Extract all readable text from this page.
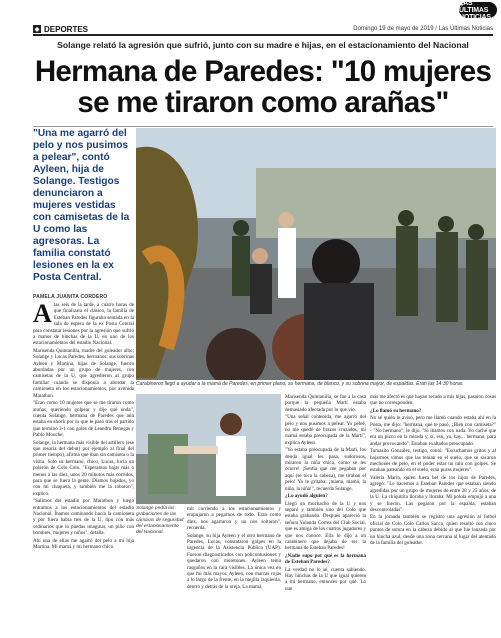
LAS ÚLTIMAS NOTICIAS
◆ DEPORTES	Domingo 19 de mayo de 2019 / Las Últimas Noticias
Solange relató la agresión que sufrió, junto con su madre e hijas, en el estacionamiento del Nacional
Hermana de Paredes: "10 mujeres se me tiraron como arañas"
"Una me agarró del pelo y nos pusimos a pelear", contó Ayleen, hija de Solange. Testigos denunciaron a mujeres vestidas con camisetas de la U como las agresoras. La familia constató lesiones en la ex Posta Central.
PAMELA JUANITA CORDERO
Carabineros llegó a ayudar a la mamá de Paredes, en primer plano, su hermana, de blanco, y su sobrina mayor, de espaldas. Eran las 14.30 horas.
A las seis de la tarde, a cuatro horas de que finalizara el clásico, la familia de Esteban Paredes figuraba sentada en la sala de espera de la ex Posta Central para constatar lesiones por la agresión que sufrió a manos de hinchas de la U, en uno de los estacionamientos del estadio Nacional.

Marisenda Quintanilla, madre del goleador albo; Solange y Lucas Paredes, hermanos; sus sobrinas Ayleen y Martina, hijas de Solange, fueron abordadas por un grupo de mujeres, con camisetas de la U, que agredieron al grupo familiar cuando se disponía a abordar la camioneta en los estacionamientos, por avenida Marathon.

"Eran como 10 mujeres que se me tiraron como arañas, queriendo golpear y dije qué onda", cuenta Solange, hermana de Paredes que aún estaba en shock por lo que le pasó tras el partido que terminó 3-1 con goles de Leandro Benegas y Pablo Mouche.

Solange, la hermana más visible del artillero (ese que resoria del debut) por ejemplo al final del primer tiempo), afirma que iban sin camiseta o la visita. Solo su hermano, chico, Lucas, lucía un polerón de Colo Colo. "Esperamos bajar más o menos a las diez, unos 20 minutos más corridos, para que se fuera la gente. Diamos bajados, yo con mi chaqueta, y también me la robaron", explicó.

"Salimos del estadio por Marathon y luego entramos a los estacionamientos del estadio Nacional. Íbamos caminando hacia la camioneta y por fuera había tres de la U, tipo con más ordinarios que lo puedas imaginar, un piño con hombres, mujeres y niños", detalla.

Ahí una de ellas me agarró del pelo a mi hija Martina. Mi mamá y mi hermano chico.

Solange pedía las grabaciones de las cámaras de seguridad del estacionamiento del Nacional.

mir corriendo a los estacionamientos y empujaron a pegarnos de todo. Eran como diez, nos agarraron y no nos soltaron", recuerda.

Solange, su hija Ayleen y el otro hermano de Paredes, Lucas, constataron golpes en la urgencia de la Asistencia Pública (UAP). Fueron diagnosticados con policontusiones y quedaron con moretones. Ayleen tenía rasguños en la cara visibles. La única vez en que fui más mayor. Ayleen, con marcas rojas a lo largo de la frente, en la mejilla izquierda, dentro y detrás de la oreja. La mamá,

Marisenda Quintanilla, se fue a la casa porque la pequeña Martí estaba demasiado afectada por lo que vio.

"Una señal contenida, me agarró del pelo y nos pusimos a pelear. Yo peleé, no me quedé de brazos cruzados, mi mamá estaba preocupada de la Martí", explica Ayleen.

"Yo estaba preocupada de la Martí, los deuda igual les pasa, sudorosos, miraron la niña chica, cómo se les ocurre! ¡Sentía que me pegaban por aquí (se toca la cabeza), me tiraban el pelo! Yo le gritaba: ¡mamá, mamá, la niña, la niña!", recuerda Solange.

¿Lo ayudó alguien?

Llegó un muchacho de la U y nos separó y también uno del Colo que estaba grabando. Después apareció la señora Yolanda Correa del Club Social, que es amiga de los cuatros jugadores y que nos conoce. Ella le dijo a un carabinero que dejaba de ser la hermana de Esteban Paredes!

¿Nadie supo por qué es la hermana de Esteban Paredes?

La verdad no lo sé, cuenta sabiendo. Hay hinchas de la U que igual quieren a mi hermano, entonces por qué. Lo que

más me afectó es que hayan tocado a mis hijas, pasaron cosas que no corresponden.

¿Lo llamó su hermano?

No sé quién le avisó, pero me llamó cuando estaba ahí en la Posta, me dijo: "hermana, qué te pasó, ¿Bien con camiseta?" - "No hermano", le dijo. "Si íbamos con nada. Yo caché que era un pizco en la mirada y, sí, eso, ya, hay... hermano, para andar provocando". Estaban exaltados preocupado.

Tomasito González, testigo, contó: "Escuchamos gritos y al bajarmos vimos que las tenían en el suelo, que se sacaron mechones de pelo, en el poder estar un rato con golpes. Se estaban pateando en el suelo, eran puras mujeres".

Valeria Marín, quien fuera bel de los hijos de Paredes, agregó: "Le hacemos a Esteban Paredes que estaban siendo agredidas por un grupo de mujeres de entre 28 y 25 años, de la U. La chiquitita lloraba y lloraba. Mi polola empujó a una y se fueron. Las pegaron por la espalda, estaban descontroladas".

En la jornada también se registró una agresión al futbol oficial de Colo Colo Carlos Sacco, quien resultó con cinco puntos de sutura en la cabeza debido al que fue lanzada por un hincha azul, desde una zona cercana al lugar del atentado de la familia del goleador.
